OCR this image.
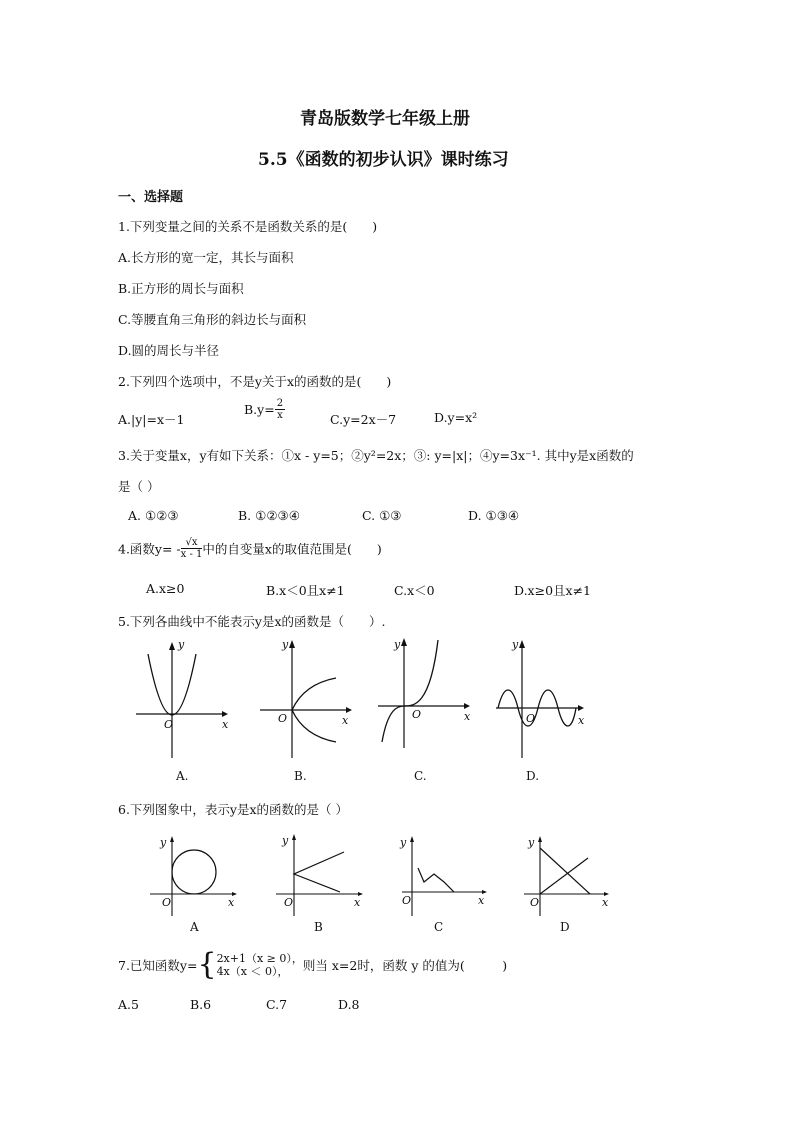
青岛版数学七年级上册
5.5《函数的初步认识》课时练习
一、选择题
1.下列变量之间的关系不是函数关系的是(　　)
A.长方形的宽一定，其长与面积
B.正方形的周长与面积
C.等腰直角三角形的斜边长与面积
D.圆的周长与半径
2.下列四个选项中，不是y关于x的函数的是(　　)
A.|y|=x－1
$B.y= \frac{2}{x}$	C.y=2x－7	D.y=x²
3.关于变量x，y有如下关系：①x - y=5；②y²=2x；③: y=|x|；④y=3x⁻¹. 其中y是x函数的
是（ ）
A. ①②③	B. ①②③④	C. ①③	D. ①③④
4.函数$y= - \frac{√x}{x - 1}$ 中的自变量x的取值范围是(　　)
A.x≥0	B.x＜0且x≠1	C.x＜0	D.x≥0且x≠1
5.下列各曲线中不能表示y是x的函数是（　　）.
O	x
y
O	x
y
O	x
y
O	x
y
A.	B.	C.	D.
6.下列图象中，表示y是x的函数的是（ ）
O	x
y
O	x
y
O	x
y
O	x
y
A	B	C	D
7.已知函数y={ 2x+1（x ≥ 0），
4x（x ＜ 0），	则当 x=2时，函数 y 的值为(　　　)
A.5	B.6	C.7	D.8
